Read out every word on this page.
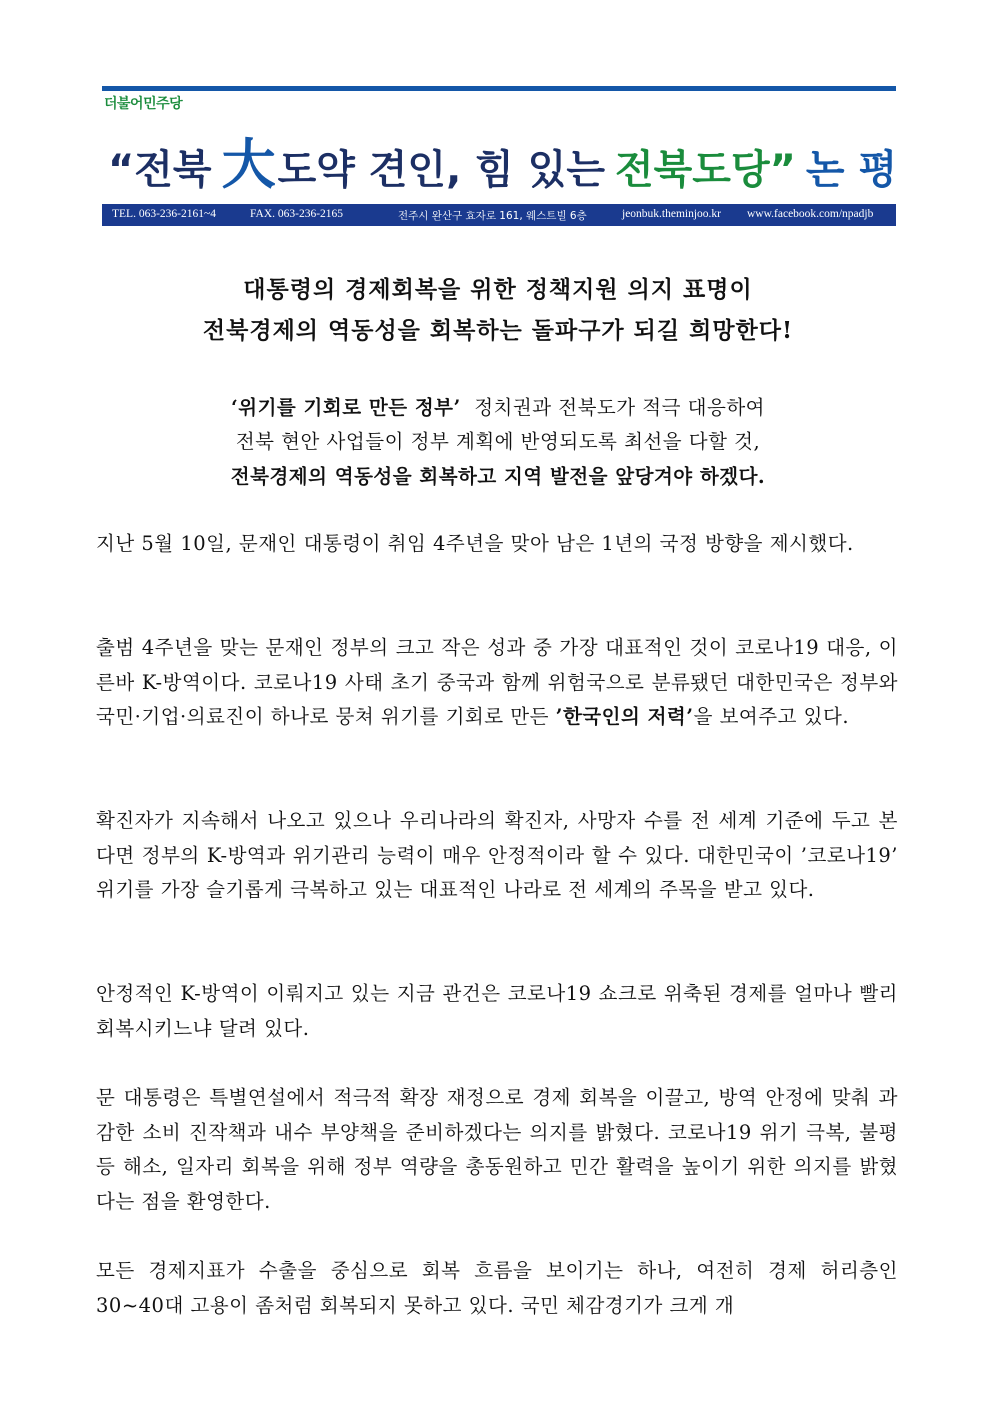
더불어민주당
“전북 大도약 견인, 힘 있는 전북도당” 논 평
TEL. 063-236-2161~4	FAX. 063-236-2165	전주시 완산구 효자로 161, 웨스트빌 6층	jeonbuk.theminjoo.kr www.facebook.com/npadjb
대통령의 경제회복을 위한 정책지원 의지 표명이
전북경제의 역동성을 회복하는 돌파구가 되길 희망한다!
‘위기를 기회로 만든 정부’ 정치권과 전북도가 적극 대응하여
전북 현안 사업들이 정부 계획에 반영되도록 최선을 다할 것,
전북경제의 역동성을 회복하고 지역 발전을 앞당겨야 하겠다.
지난 5월 10일, 문재인 대통령이 취임 4주년을 맞아 남은 1년의 국정 방향을 제시했다.
출범 4주년을 맞는 문재인 정부의 크고 작은 성과 중 가장 대표적인 것이 코로나19 대응, 이른바 K-방역이다. 코로나19 사태 초기 중국과 함께 위험국으로 분류됐던 대한민국은 정부와 국민·기업·의료진이 하나로 뭉쳐 위기를 기회로 만든 ’한국인의 저력’을 보여주고 있다.
확진자가 지속해서 나오고 있으나 우리나라의 확진자, 사망자 수를 전 세계 기준에 두고 본다면 정부의 K-방역과 위기관리 능력이 매우 안정적이라 할 수 있다. 대한민국이 ’코로나19’ 위기를 가장 슬기롭게 극복하고 있는 대표적인 나라로 전 세계의 주목을 받고 있다.
안정적인 K-방역이 이뤄지고 있는 지금 관건은 코로나19 쇼크로 위축된 경제를 얼마나 빨리 회복시키느냐 달려 있다.
문 대통령은 특별연설에서 적극적 확장 재정으로 경제 회복을 이끌고, 방역 안정에 맞춰 과감한 소비 진작책과 내수 부양책을 준비하겠다는 의지를 밝혔다. 코로나19 위기 극복, 불평등 해소, 일자리 회복을 위해 정부 역량을 총동원하고 민간 활력을 높이기 위한 의지를 밝혔다는 점을 환영한다.
모든 경제지표가 수출을 중심으로 회복 흐름을 보이기는 하나, 여전히 경제 허리층인 30~40대 고용이 좀처럼 회복되지 못하고 있다. 국민 체감경기가 크게 개
